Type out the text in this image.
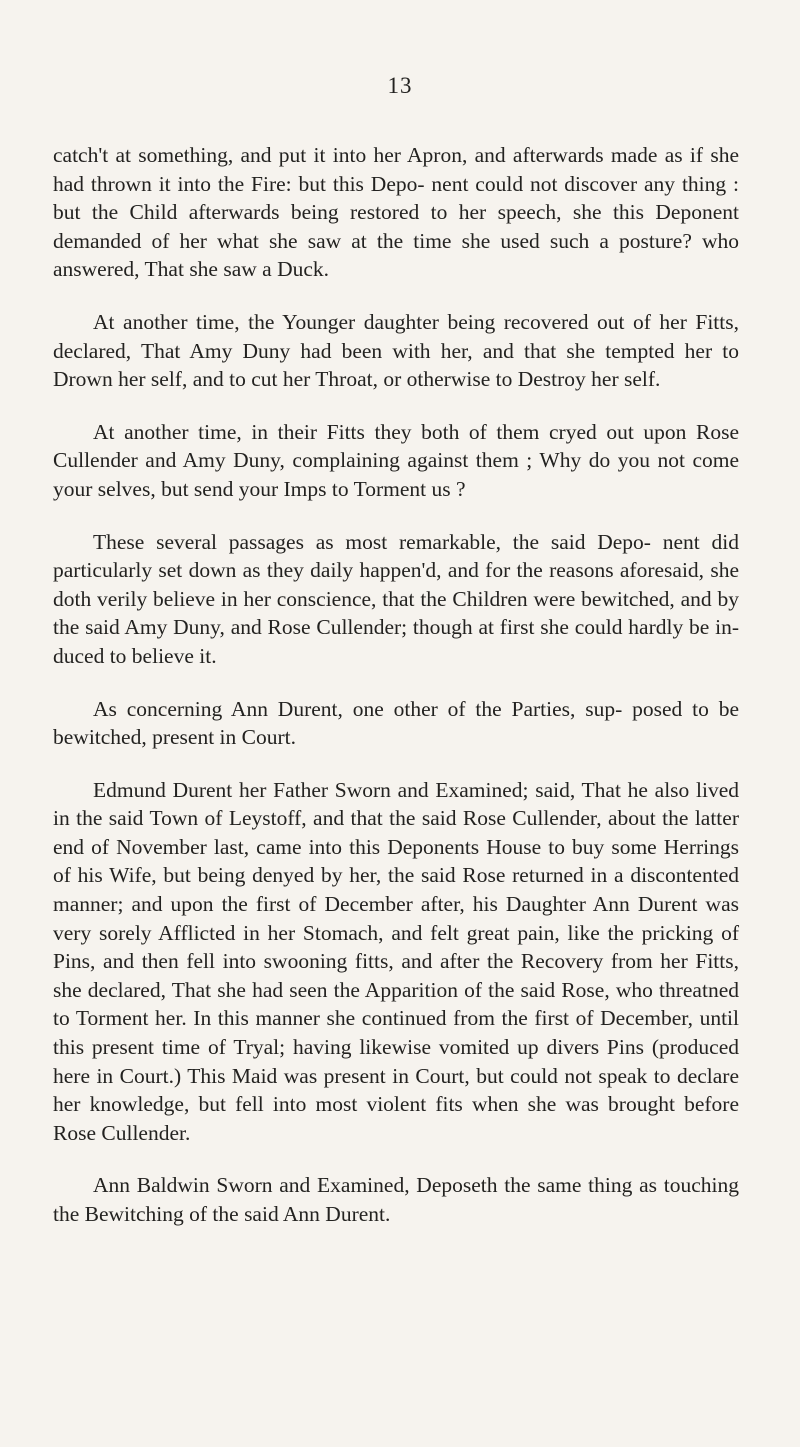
13

catch't at something, and put it into her Apron, and afterwards made as if she had thrown it into the Fire: but this Depo- nent could not discover any thing : but the Child afterwards being restored to her speech, she this Deponent demanded of her what she saw at the time she used such a posture? who answered, That she saw a Duck.

At another time, the Younger daughter being recovered out of her Fitts, declared, That Amy Duny had been with her, and that she tempted her to Drown her self, and to cut her Throat, or otherwise to Destroy her self.

At another time, in their Fitts they both of them cryed out upon Rose Cullender and Amy Duny, complaining against them ; Why do you not come your selves, but send your Imps to Torment us ?

These several passages as most remarkable, the said Depo- nent did particularly set down as they daily happen'd, and for the reasons aforesaid, she doth verily believe in her conscience, that the Children were bewitched, and by the said Amy Duny, and Rose Cullender; though at first she could hardly be in- duced to believe it.

As concerning Ann Durent, one other of the Parties, sup- posed to be bewitched, present in Court.

Edmund Durent her Father Sworn and Examined; said, That he also lived in the said Town of Leystoff, and that the said Rose Cullender, about the latter end of November last, came into this Deponents House to buy some Herrings of his Wife, but being denyed by her, the said Rose returned in a discontented manner; and upon the first of December after, his Daughter Ann Durent was very sorely Afflicted in her Stomach, and felt great pain, like the pricking of Pins, and then fell into swooning fitts, and after the Recovery from her Fitts, she declared, That she had seen the Apparition of the said Rose, who threatned to Torment her. In this manner she continued from the first of December, until this present time of Tryal; having likewise vomited up divers Pins (produced here in Court.) This Maid was present in Court, but could not speak to declare her knowledge, but fell into most violent fits when she was brought before Rose Cullender.

Ann Baldwin Sworn and Examined, Deposeth the same thing as touching the Bewitching of the said Ann Durent.
